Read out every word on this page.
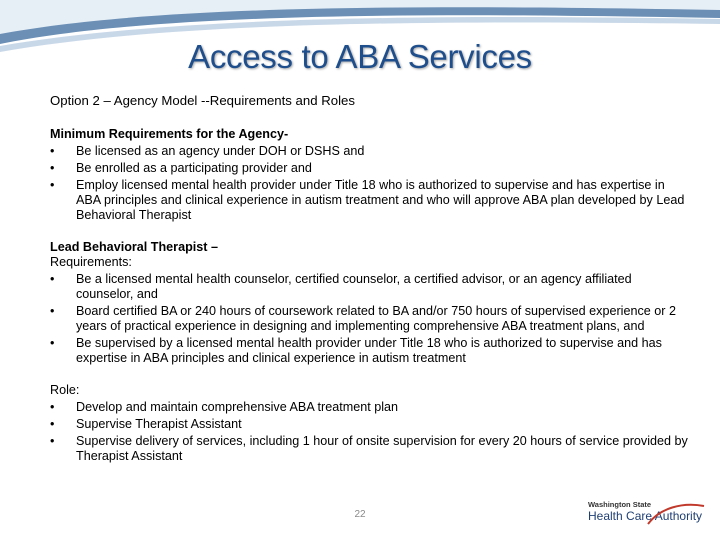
Access to ABA Services

Option 2 – Agency Model --Requirements and Roles

Minimum Requirements for the Agency-

• Be licensed as an agency under DOH or DSHS and
• Be enrolled as a participating provider and
• Employ licensed mental health provider under Title 18 who is authorized to supervise and has expertise in ABA principles and clinical experience in autism treatment and who will approve ABA plan developed by Lead Behavioral Therapist

Lead Behavioral Therapist –

Requirements:

• Be a licensed mental health counselor, certified counselor, a certified advisor, or an agency affiliated counselor, and
• Board certified BA or 240 hours of coursework related to BA and/or 750 hours of supervised experience or 2 years of practical experience in designing and implementing comprehensive ABA treatment plans, and
• Be supervised by a licensed mental health provider under Title 18 who is authorized to supervise and has expertise in ABA principles and clinical experience in autism treatment

Role:

• Develop and maintain comprehensive ABA treatment plan
• Supervise Therapist Assistant
• Supervise delivery of services, including 1 hour of onsite supervision for every 20 hours of service provided by Therapist Assistant
22
Washington State
Health Care Authority
